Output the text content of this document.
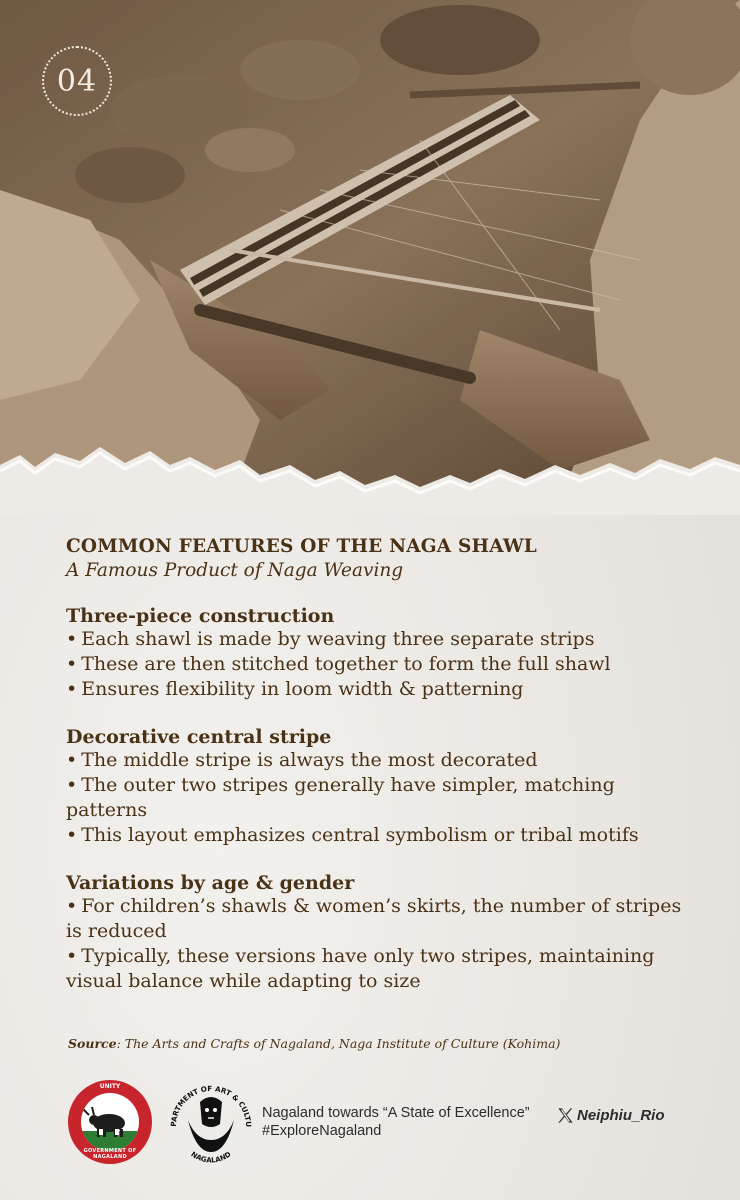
04
COMMON FEATURES OF THE NAGA SHAWL
A Famous Product of Naga Weaving
Three-piece construction
• Each shawl is made by weaving three separate strips
• These are then stitched together to form the full shawl
• Ensures flexibility in loom width & patterning
Decorative central stripe
• The middle stripe is always the most decorated
• The outer two stripes generally have simpler, matching patterns
• This layout emphasizes central symbolism or tribal motifs
Variations by age & gender
• For children’s shawls & women’s skirts, the number of stripes is reduced
• Typically, these versions have only two stripes, maintaining visual balance while adapting to size
Source: The Arts and Crafts of Nagaland, Naga Institute of Culture (Kohima)
UNITY
GOVERNMENT OF NAGALAND
PARTMENT OF ART & CULTU
NAGALAND
Nagaland towards “A State of Excellence”
#ExploreNagaland
Neiphiu_Rio
